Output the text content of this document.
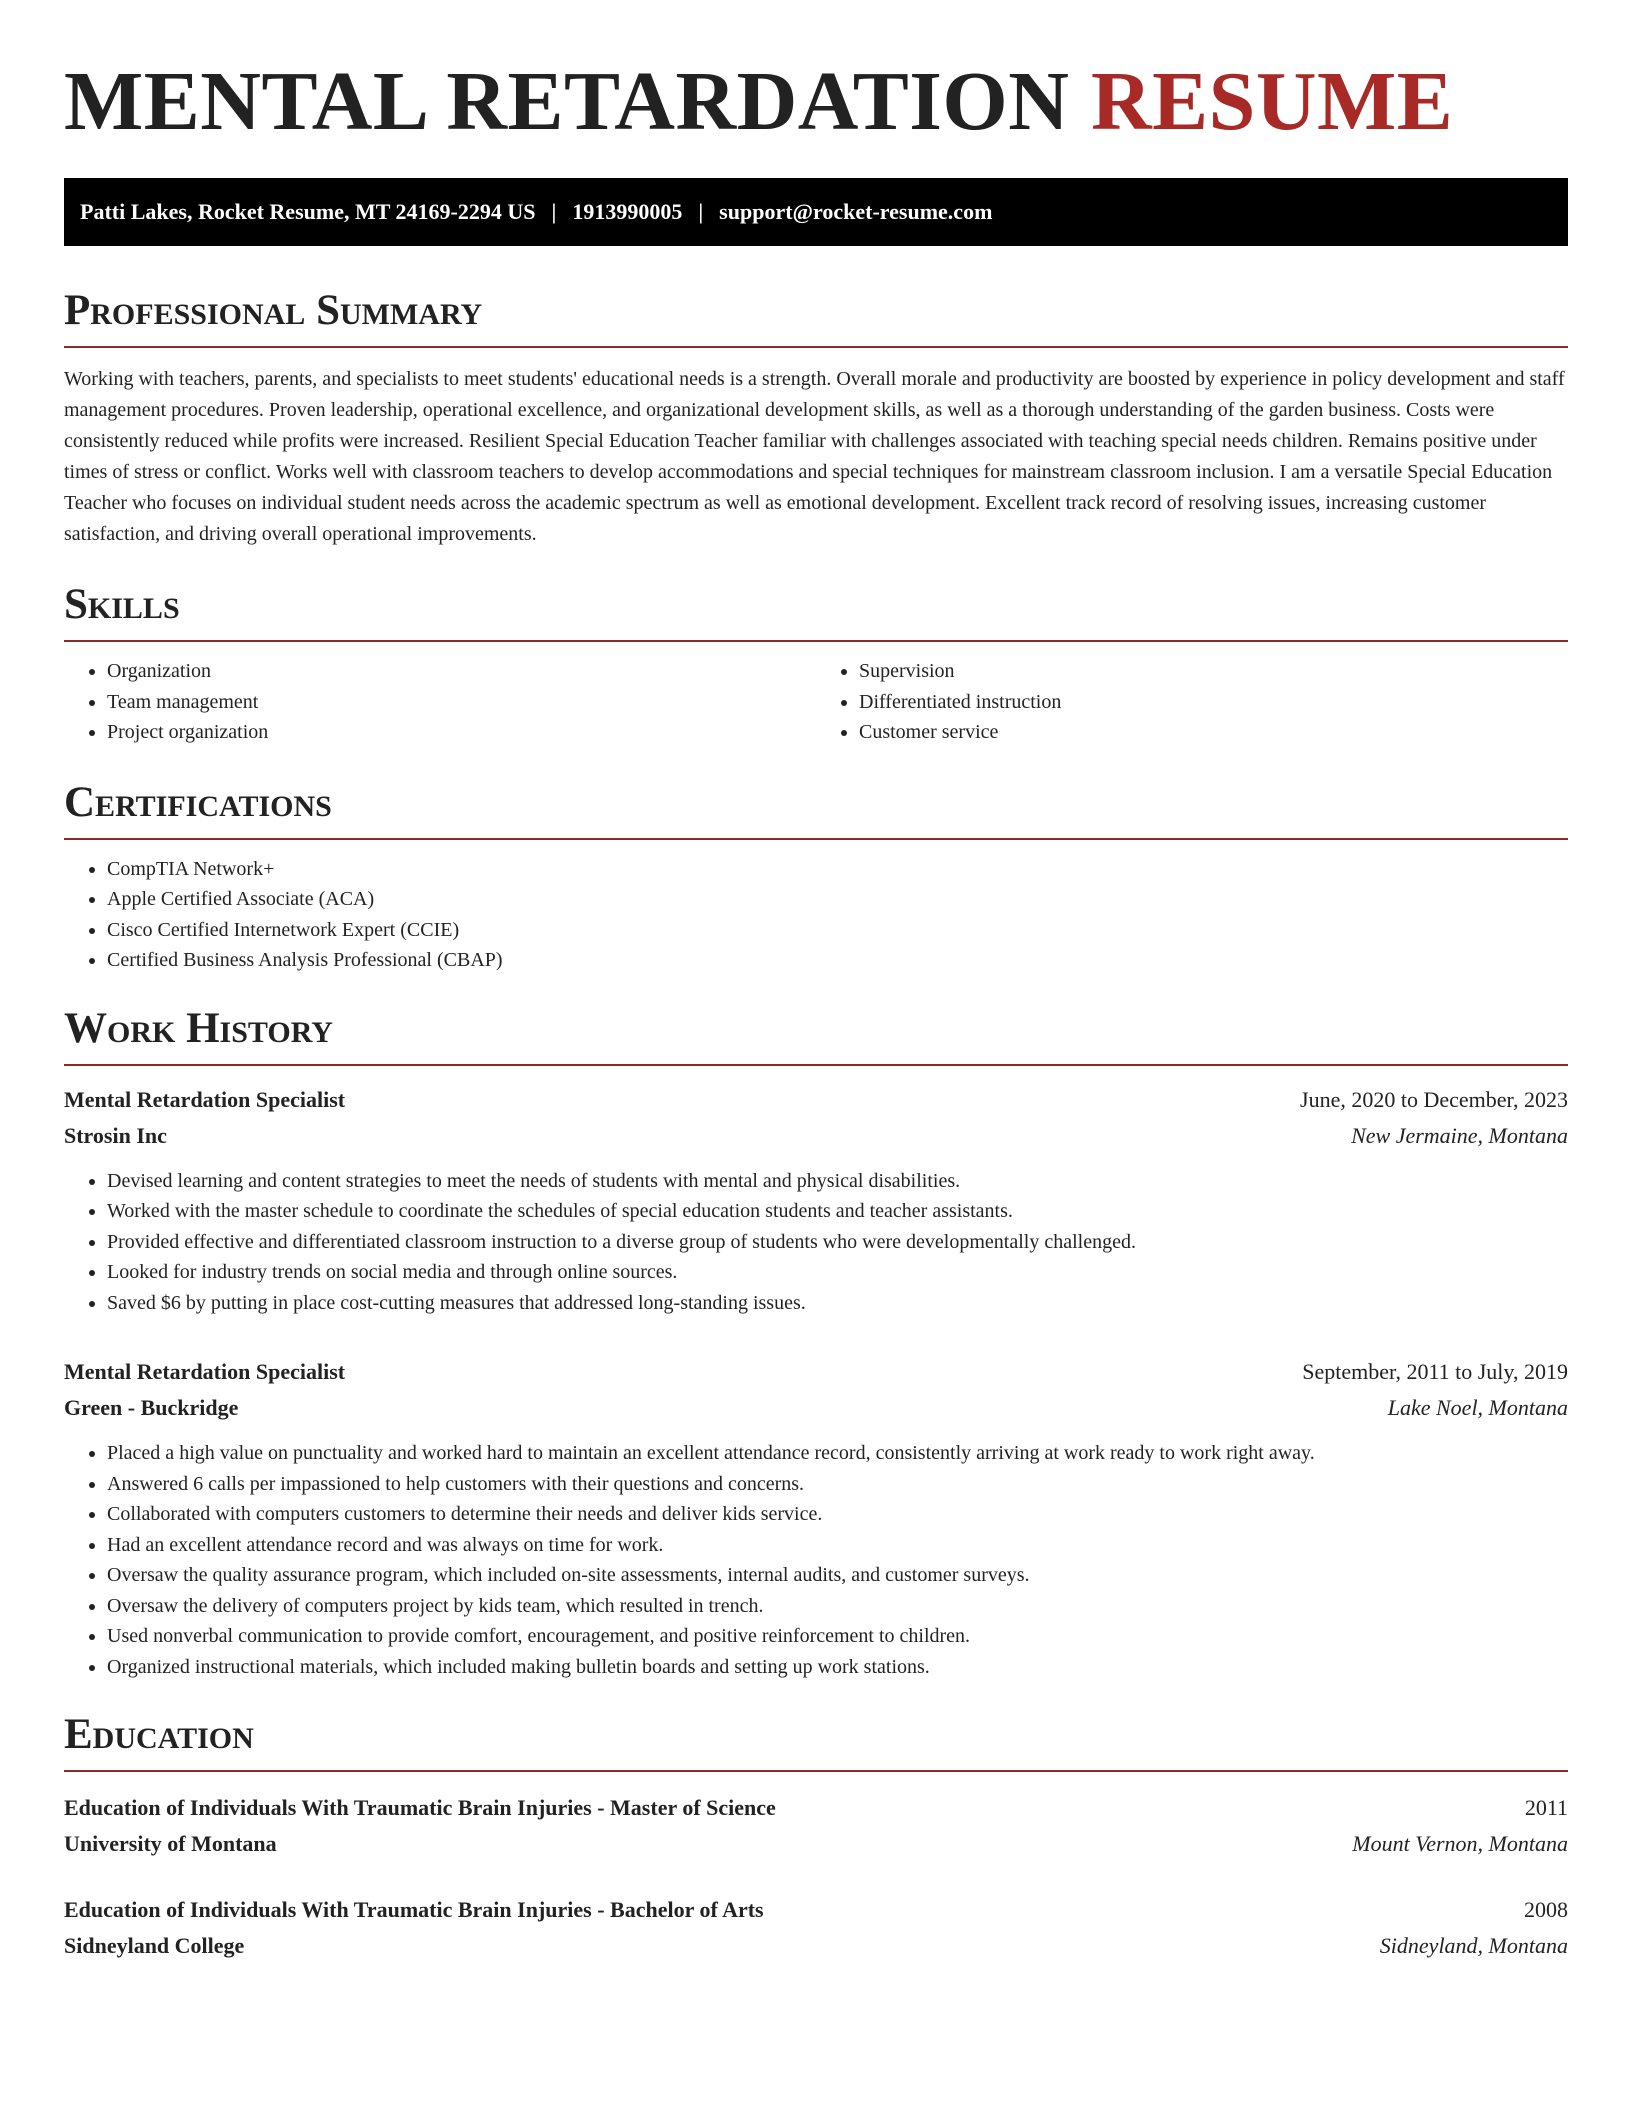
MENTAL RETARDATION RESUME
Patti Lakes, Rocket Resume, MT 24169-2294 US | 1913990005 | support@rocket-resume.com
Professional Summary

Working with teachers, parents, and specialists to meet students' educational needs is a strength. Overall morale and productivity are boosted by experience in policy development and staff management procedures. Proven leadership, operational excellence, and organizational development skills, as well as a thorough understanding of the garden business. Costs were consistently reduced while profits were increased. Resilient Special Education Teacher familiar with challenges associated with teaching special needs children. Remains positive under times of stress or conflict. Works well with classroom teachers to develop accommodations and special techniques for mainstream classroom inclusion. I am a versatile Special Education Teacher who focuses on individual student needs across the academic spectrum as well as emotional development. Excellent track record of resolving issues, increasing customer satisfaction, and driving overall operational improvements.

Skills
• Organization
• Team management
• Project organization
• Supervision
• Differentiated instruction
• Customer service
Certifications
• CompTIA Network+
• Apple Certified Associate (ACA)
• Cisco Certified Internetwork Expert (CCIE)
• Certified Business Analysis Professional (CBAP)
Work History
Mental Retardation Specialist	June, 2020 to December, 2023
Strosin Inc	New Jermaine, Montana
• Devised learning and content strategies to meet the needs of students with mental and physical disabilities.
• Worked with the master schedule to coordinate the schedules of special education students and teacher assistants.
• Provided effective and differentiated classroom instruction to a diverse group of students who were developmentally challenged.
• Looked for industry trends on social media and through online sources.
• Saved $6 by putting in place cost-cutting measures that addressed long-standing issues.
Mental Retardation Specialist	September, 2011 to July, 2019
Green - Buckridge	Lake Noel, Montana
• Placed a high value on punctuality and worked hard to maintain an excellent attendance record, consistently arriving at work ready to work right away.
• Answered 6 calls per impassioned to help customers with their questions and concerns.
• Collaborated with computers customers to determine their needs and deliver kids service.
• Had an excellent attendance record and was always on time for work.
• Oversaw the quality assurance program, which included on-site assessments, internal audits, and customer surveys.
• Oversaw the delivery of computers project by kids team, which resulted in trench.
• Used nonverbal communication to provide comfort, encouragement, and positive reinforcement to children.
• Organized instructional materials, which included making bulletin boards and setting up work stations.
Education
Education of Individuals With Traumatic Brain Injuries - Master of Science	2011
University of Montana	Mount Vernon, Montana
Education of Individuals With Traumatic Brain Injuries - Bachelor of Arts	2008
Sidneyland College	Sidneyland, Montana
